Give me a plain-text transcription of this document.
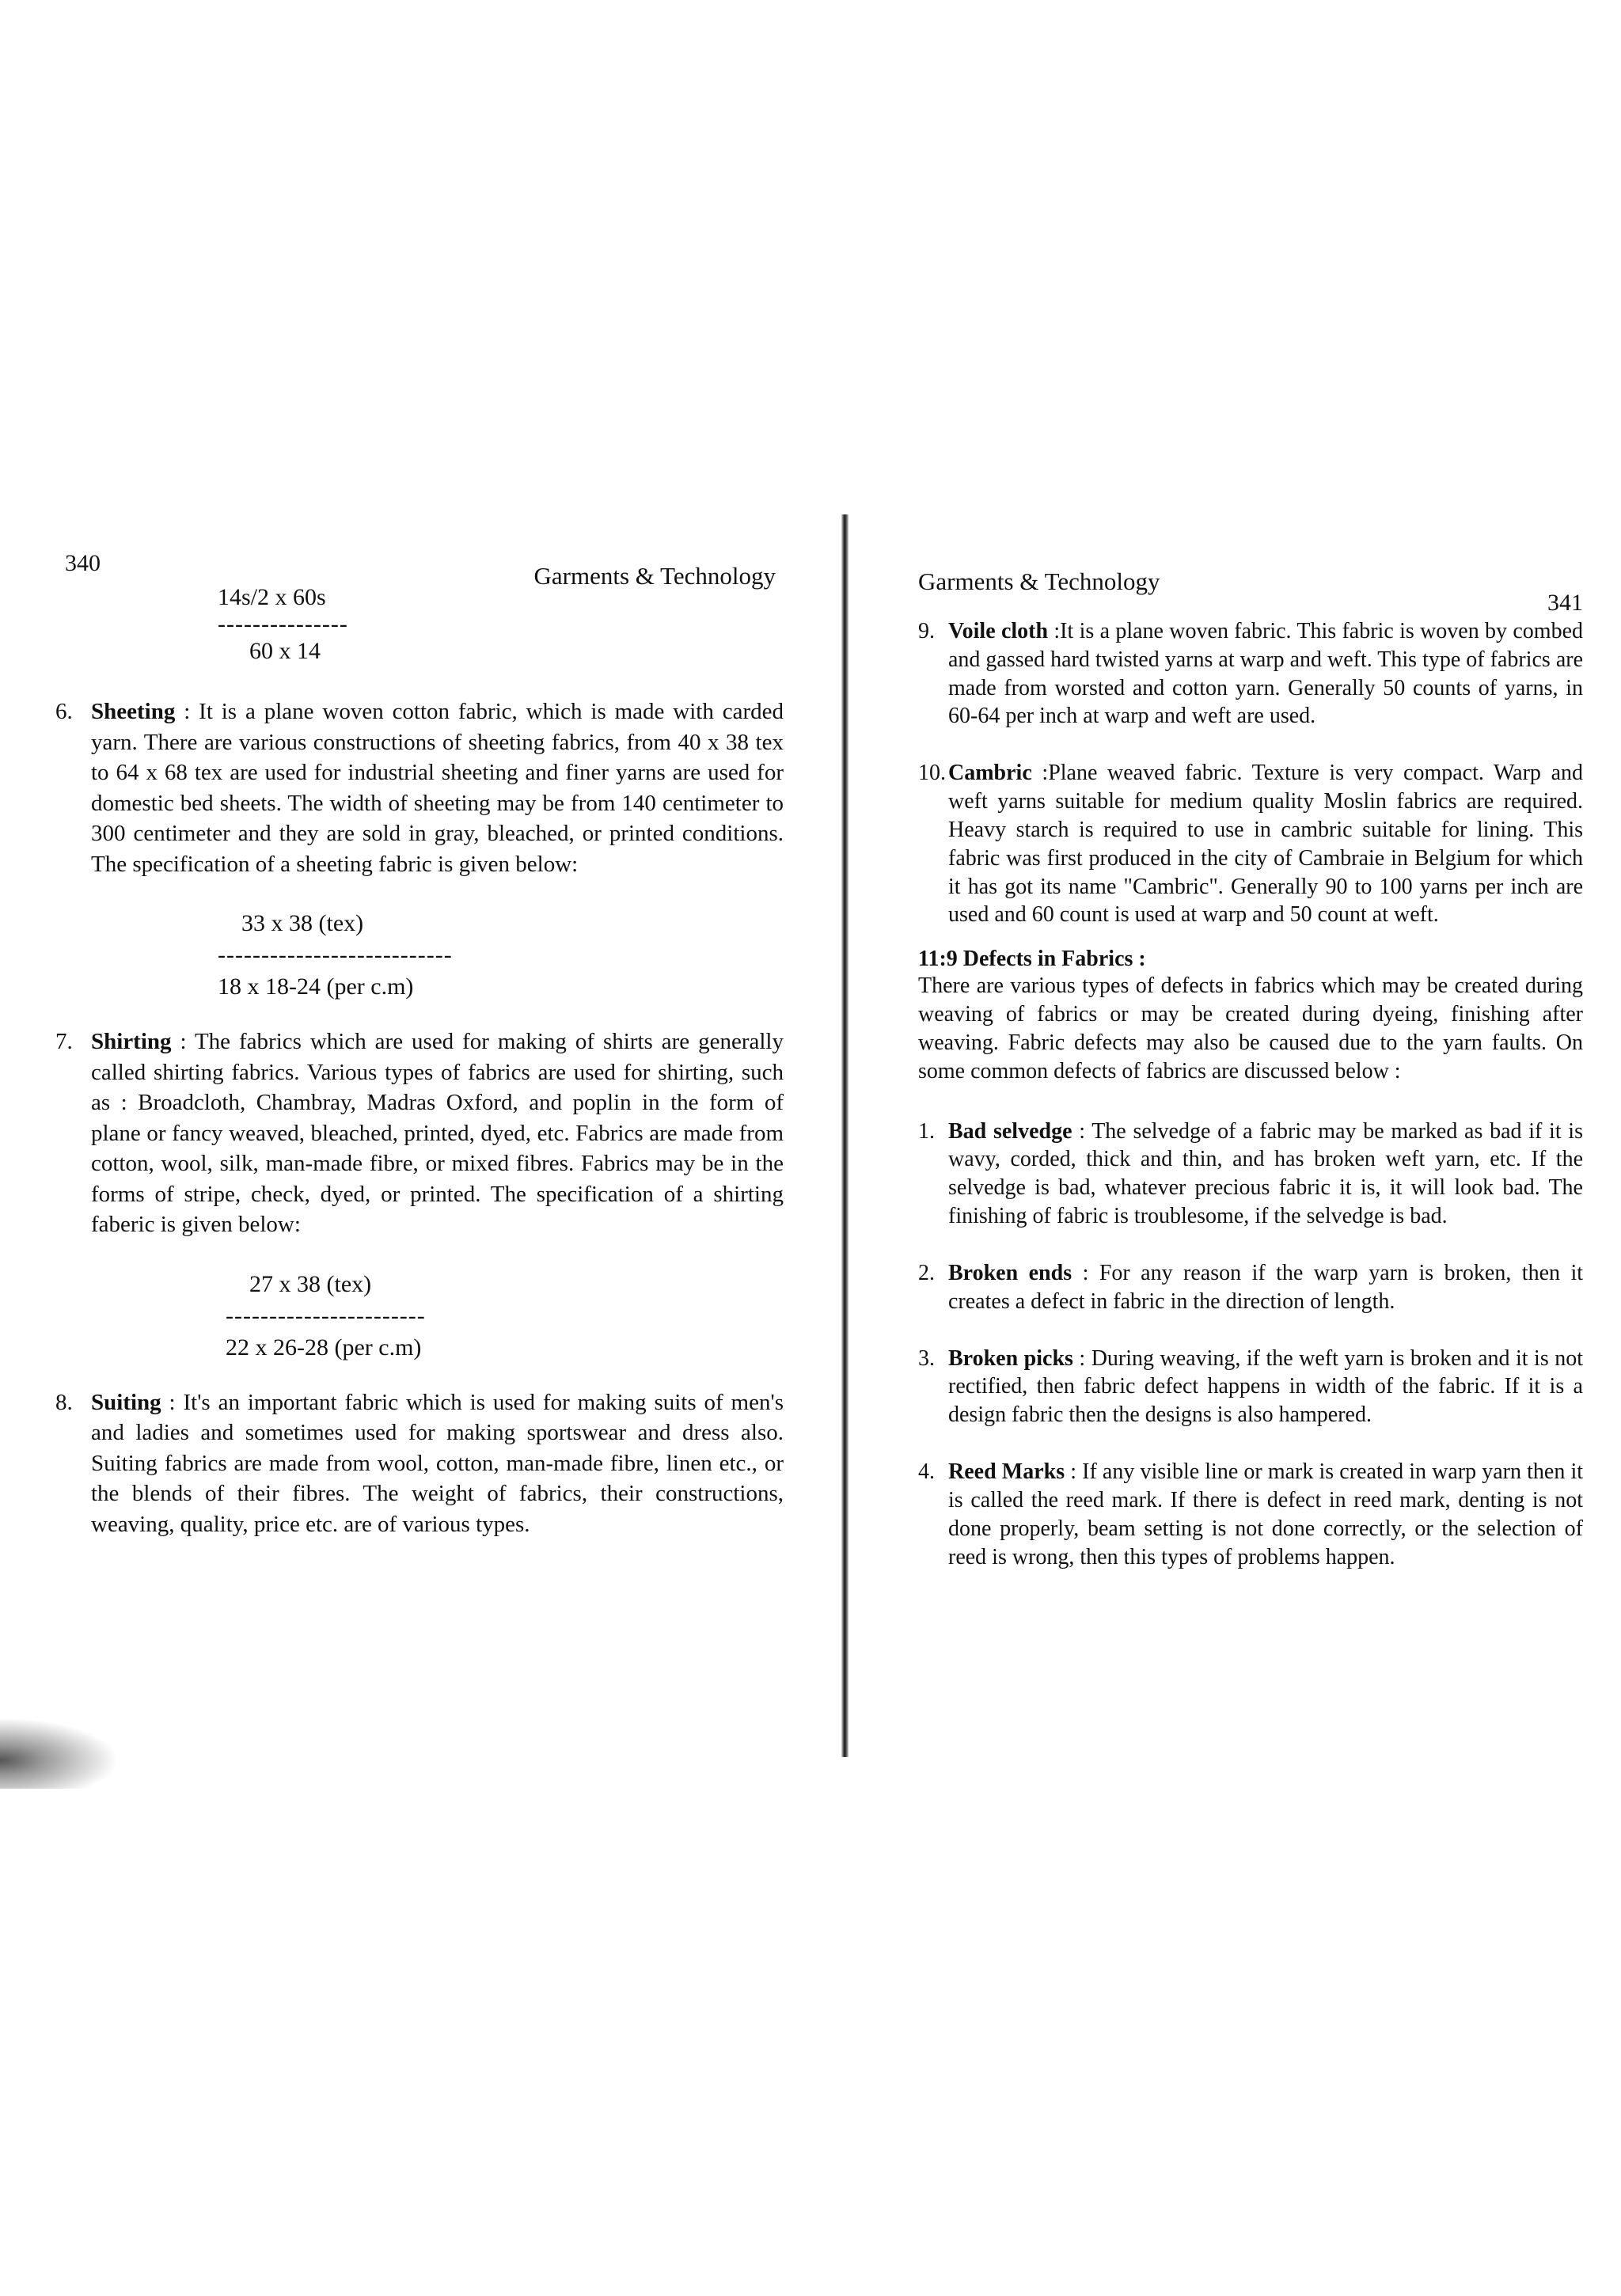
340	Garments & Technology
14s/2 x 60s
---------------
60 x 14
6. Sheeting : It is a plane woven cotton fabric, which is made with carded yarn. There are various constructions of sheeting fabrics, from 40 x 38 tex to 64 x 68 tex are used for industrial sheeting and finer yarns are used for domestic bed sheets. The width of sheeting may be from 140 centimeter to 300 centimeter and they are sold in gray, bleached, or printed conditions. The specification of a sheeting fabric is given below:
33 x 38 (tex)
---------------------------
18 x 18-24 (per c.m)
7. Shirting : The fabrics which are used for making of shirts are generally called shirting fabrics. Various types of fabrics are used for shirting, such as : Broadcloth, Chambray, Madras Oxford, and poplin in the form of plane or fancy weaved, bleached, printed, dyed, etc. Fabrics are made from cotton, wool, silk, man-made fibre, or mixed fibres. Fabrics may be in the forms of stripe, check, dyed, or printed. The specification of a shirting faberic is given below:
27 x 38 (tex)
-----------------------
22 x 26-28 (per c.m)
8. Suiting : It's an important fabric which is used for making suits of men's and ladies and sometimes used for making sportswear and dress also. Suiting fabrics are made from wool, cotton, man-made fibre, linen etc., or the blends of their fibres. The weight of fabrics, their constructions, weaving, quality, price etc. are of various types.
Garments & Technology
341
9. Voile cloth :It is a plane woven fabric. This fabric is woven by combed and gassed hard twisted yarns at warp and weft. This type of fabrics are made from worsted and cotton yarn. Generally 50 counts of yarns, in 60-64 per inch at warp and weft are used.
10. Cambric :Plane weaved fabric. Texture is very compact. Warp and weft yarns suitable for medium quality Moslin fabrics are required. Heavy starch is required to use in cambric suitable for lining. This fabric was first produced in the city of Cambraie in Belgium for which it has got its name "Cambric". Generally 90 to 100 yarns per inch are used and 60 count is used at warp and 50 count at weft.
11:9 Defects in Fabrics :
There are various types of defects in fabrics which may be created during weaving of fabrics or may be created during dyeing, finishing after weaving. Fabric defects may also be caused due to the yarn faults. On some common defects of fabrics are discussed below :
1. Bad selvedge : The selvedge of a fabric may be marked as bad if it is wavy, corded, thick and thin, and has broken weft yarn, etc. If the selvedge is bad, whatever precious fabric it is, it will look bad. The finishing of fabric is troublesome, if the selvedge is bad.
2. Broken ends : For any reason if the warp yarn is broken, then it creates a defect in fabric in the direction of length.
3. Broken picks : During weaving, if the weft yarn is broken and it is not rectified, then fabric defect happens in width of the fabric. If it is a design fabric then the designs is also hampered.
4. Reed Marks : If any visible line or mark is created in warp yarn then it is called the reed mark. If there is defect in reed mark, denting is not done properly, beam setting is not done correctly, or the selection of reed is wrong, then this types of problems happen.
